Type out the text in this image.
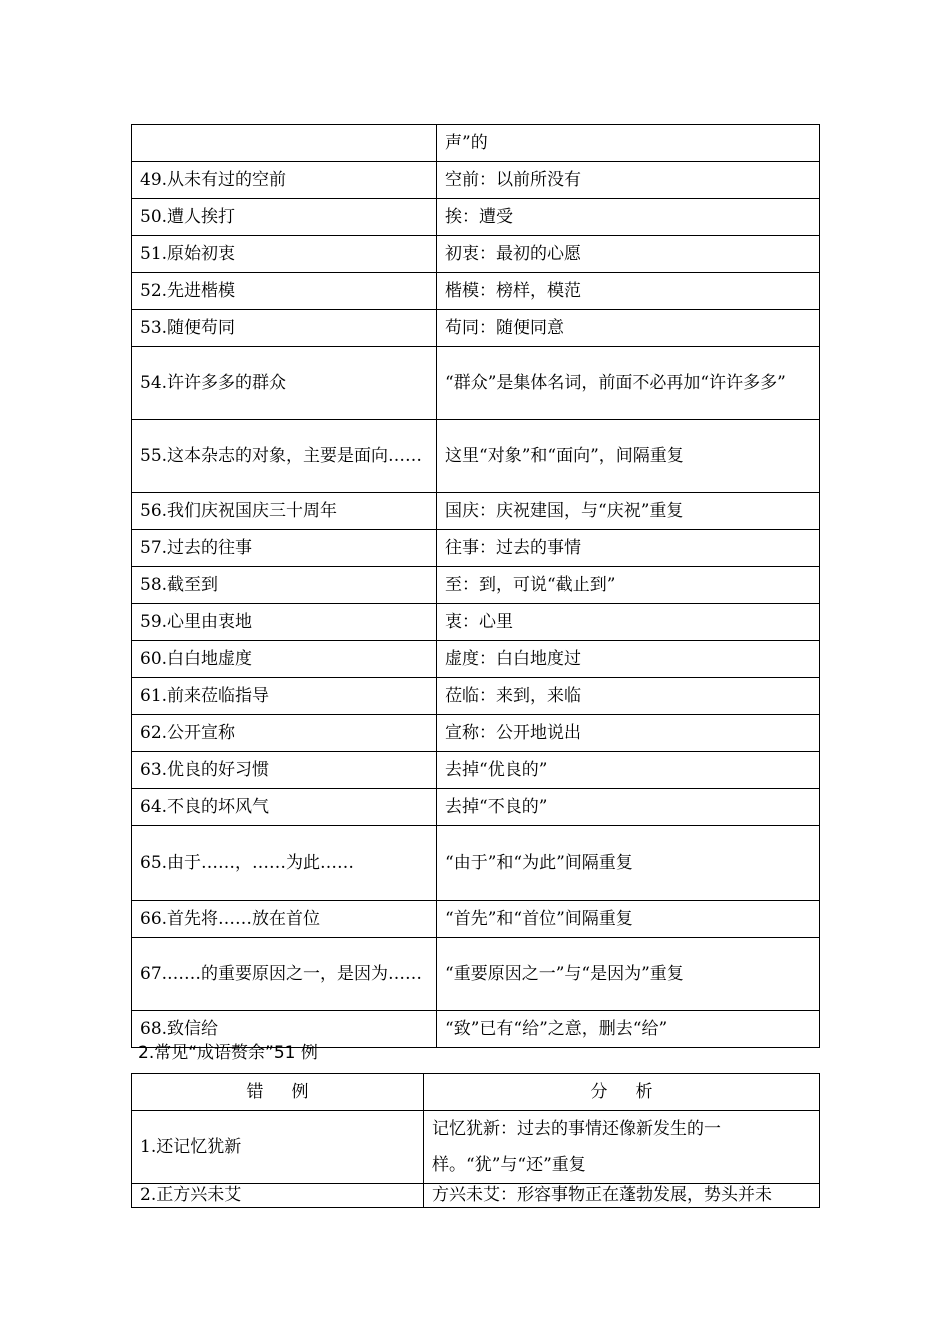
	声”的
49.从未有过的空前	空前：以前所没有
50.遭人挨打	挨：遭受
51.原始初衷	初衷：最初的心愿
52.先进楷模	楷模：榜样，模范
53.随便苟同	苟同：随便同意
54.许许多多的群众	“群众”是集体名词，前面不必再加“许许多多”
55.这本杂志的对象，主要是面向……	这里“对象”和“面向”，间隔重复
56.我们庆祝国庆三十周年	国庆：庆祝建国，与“庆祝”重复
57.过去的往事	往事：过去的事情
58.截至到	至：到，可说“截止到”
59.心里由衷地	衷：心里
60.白白地虚度	虚度：白白地度过
61.前来莅临指导	莅临：来到，来临
62.公开宣称	宣称：公开地说出
63.优良的好习惯	去掉“优良的”
64.不良的坏风气	去掉“不良的”
65.由于……，……为此……	“由于”和“为此”间隔重复
66.首先将……放在首位	“首先”和“首位”间隔重复
67.……的重要原因之一，是因为……	“重要原因之一”与“是因为”重复
68.致信给	“致”已有“给”之意，删去“给”
2.常见“成语赘余”51 例
错 例	分 析
1.还记忆犹新	记忆犹新：过去的事情还像新发生的一样。“犹”与“还”重复
2.正方兴未艾	方兴未艾：形容事物正在蓬勃发展，势头并未
